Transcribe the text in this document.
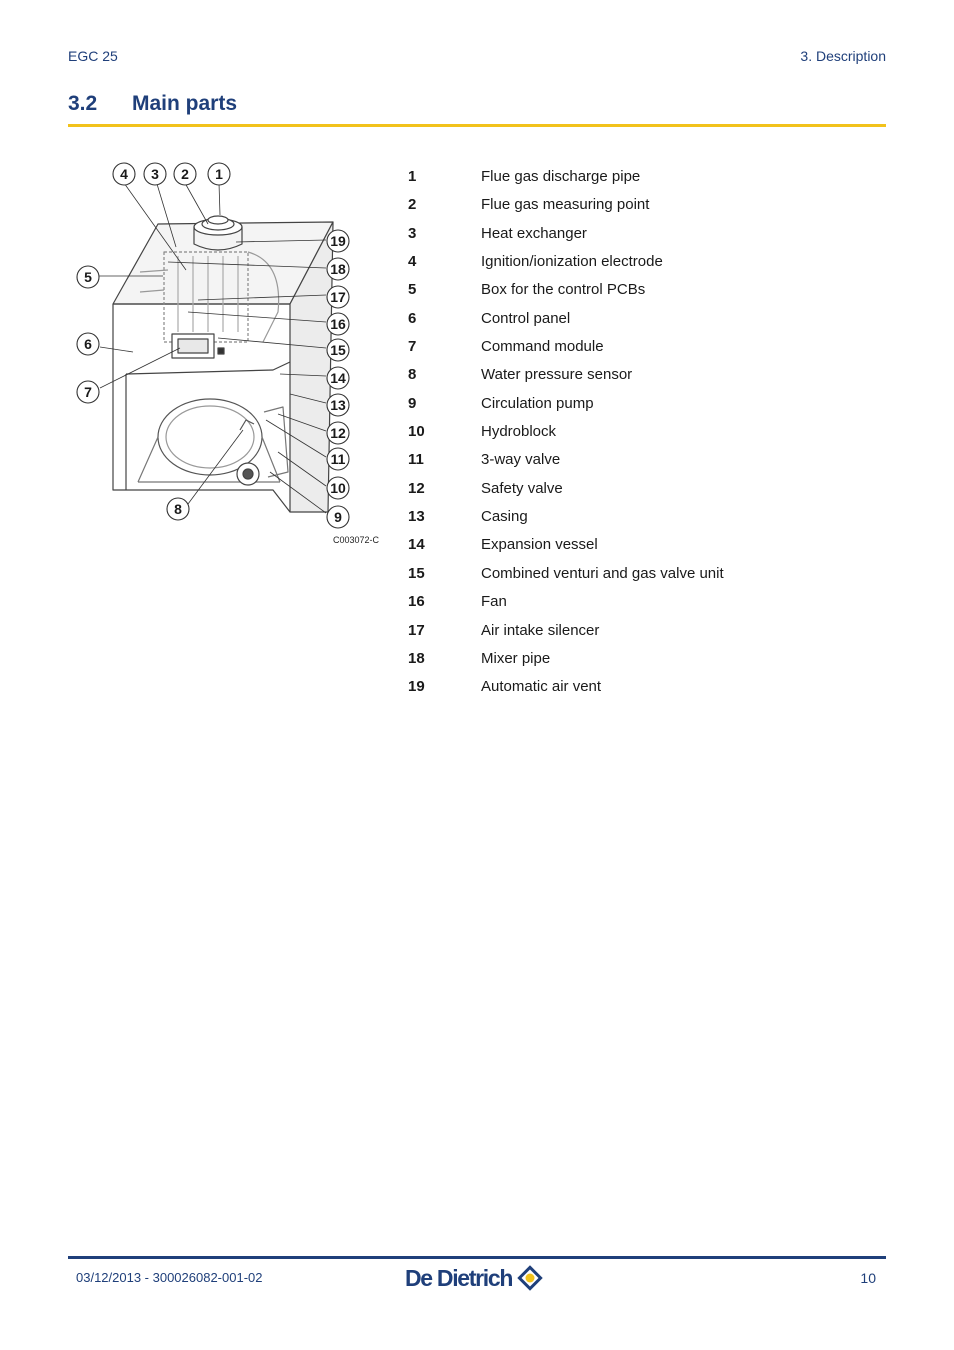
EGC 25	3. Description
3.2 Main parts
1
2
3
4
5
6
7
8	9
10
11
12
13
14
15
16
17
18
19
C003072-C
1	Flue gas discharge pipe
2	Flue gas measuring point
3	Heat exchanger
4	Ignition/ionization electrode
5	Box for the control PCBs
6	Control panel
7	Command module
8	Water pressure sensor
9	Circulation pump
10	Hydroblock
11	3-way valve
12	Safety valve
13	Casing
14	Expansion vessel
15	Combined venturi and gas valve unit
16	Fan
17	Air intake silencer
18	Mixer pipe
19	Automatic air vent
03/12/2013 - 300026082-001-02	De Dietrich	10
